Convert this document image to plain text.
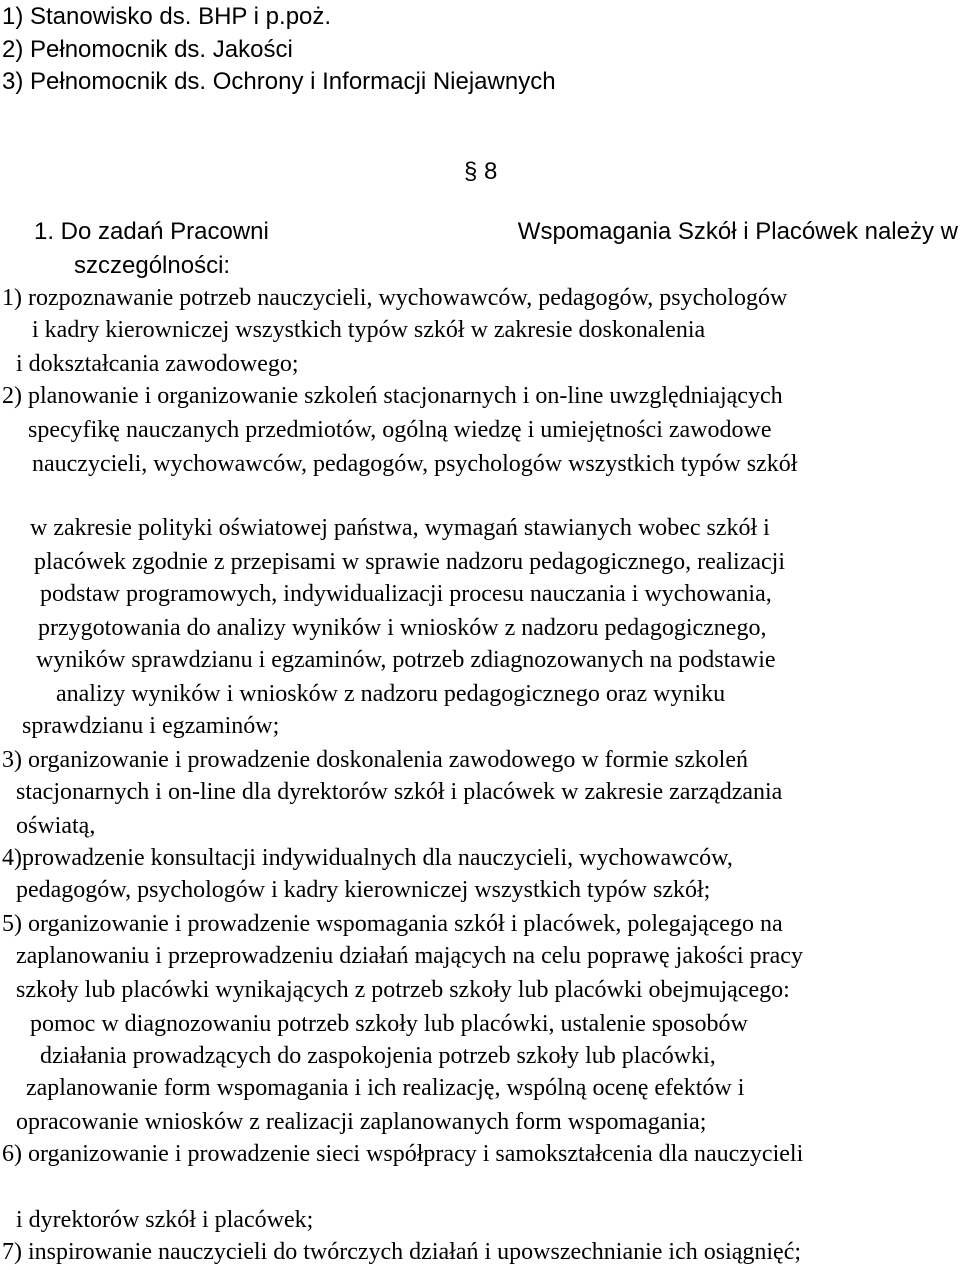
1) Stanowisko ds. BHP i p.poż.
2) Pełnomocnik ds. Jakości
3) Pełnomocnik ds. Ochrony i Informacji Niejawnych
§ 8
1. Do zadań Pracowni	Wspomagania Szkół i Placówek należy w
szczególności:
1) rozpoznawanie potrzeb nauczycieli, wychowawców, pedagogów, psychologów
i kadry kierowniczej wszystkich typów szkół w zakresie doskonalenia
i dokształcania zawodowego;
2) planowanie i organizowanie szkoleń stacjonarnych i on-line uwzględniających
specyfikę nauczanych przedmiotów, ogólną wiedzę i umiejętności zawodowe
nauczycieli, wychowawców, pedagogów, psychologów wszystkich typów szkół
w zakresie polityki oświatowej państwa, wymagań stawianych wobec szkół i
placówek zgodnie z przepisami w sprawie nadzoru pedagogicznego, realizacji
podstaw programowych, indywidualizacji procesu nauczania i wychowania,
przygotowania do analizy wyników i wniosków z nadzoru pedagogicznego,
wyników sprawdzianu i egzaminów, potrzeb zdiagnozowanych na podstawie
analizy wyników i wniosków z nadzoru pedagogicznego oraz wyniku
sprawdzianu i egzaminów;
3) organizowanie i prowadzenie doskonalenia zawodowego w formie szkoleń
stacjonarnych i on-line dla dyrektorów szkół i placówek w zakresie zarządzania
oświatą,
4)prowadzenie konsultacji indywidualnych dla nauczycieli, wychowawców,
pedagogów, psychologów i kadry kierowniczej wszystkich typów szkół;
5) organizowanie i prowadzenie wspomagania szkół i placówek, polegającego na
zaplanowaniu i przeprowadzeniu działań mających na celu poprawę jakości pracy
szkoły lub placówki wynikających z potrzeb szkoły lub placówki obejmującego:
pomoc w diagnozowaniu potrzeb szkoły lub placówki, ustalenie sposobów
działania prowadzących do zaspokojenia potrzeb szkoły lub placówki,
zaplanowanie form wspomagania i ich realizację, wspólną ocenę efektów i
opracowanie wniosków z realizacji zaplanowanych form wspomagania;
6) organizowanie i prowadzenie sieci współpracy i samokształcenia dla nauczycieli
i dyrektorów szkół i placówek;
7) inspirowanie nauczycieli do twórczych działań i upowszechnianie ich osiągnięć;
